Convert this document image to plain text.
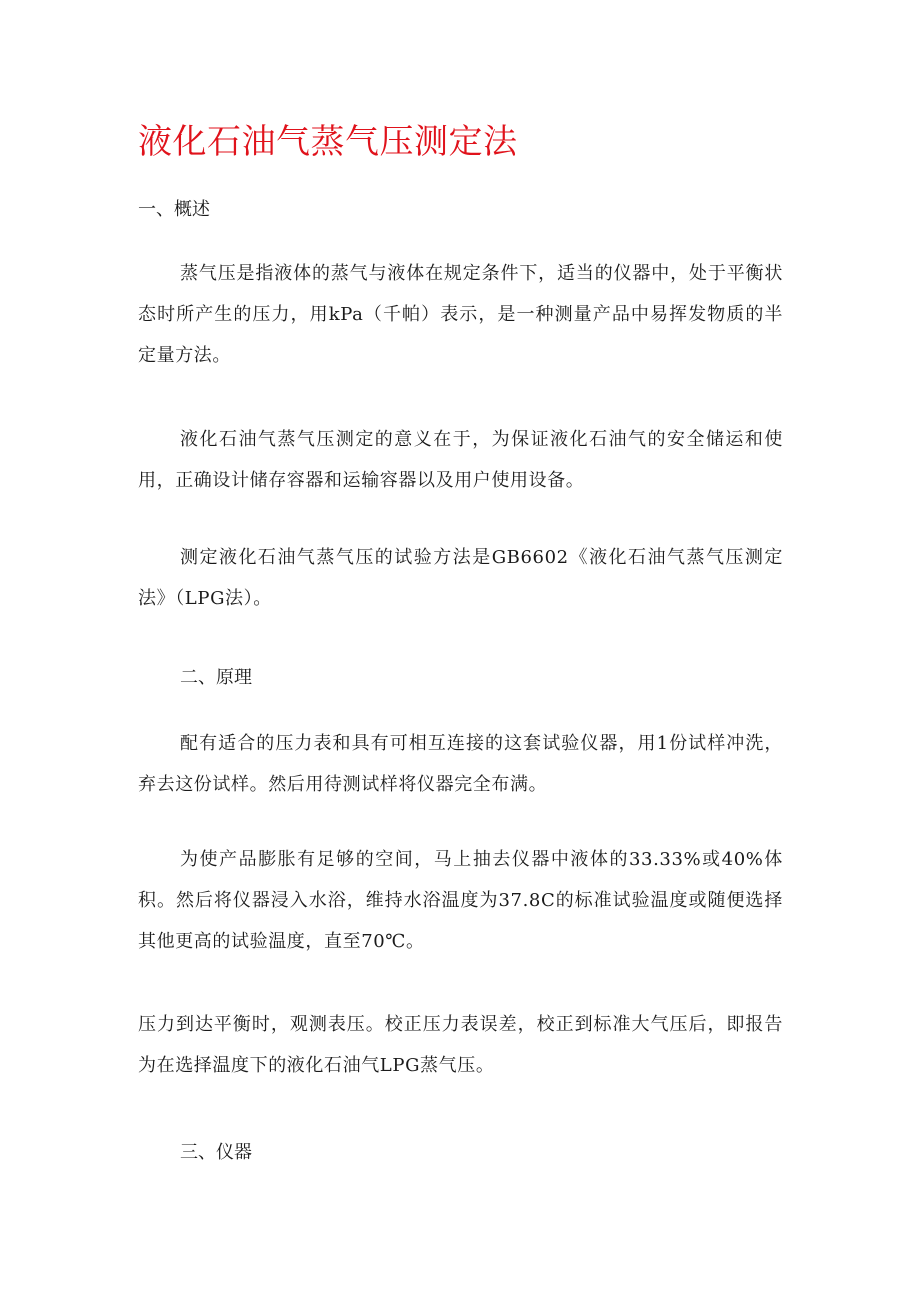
液化石油气蒸气压测定法
一、概述

蒸气压是指液体的蒸气与液体在规定条件下，适当的仪器中，处于平衡状态时所产生的压力，用kPa（千帕）表示，是一种测量产品中易挥发物质的半定量方法。

液化石油气蒸气压测定的意义在于，为保证液化石油气的安全储运和使用，正确设计储存容器和运输容器以及用户使用设备。

测定液化石油气蒸气压的试验方法是GB6602《液化石油气蒸气压测定法》（LPG法）。

二、原理

配有适合的压力表和具有可相互连接的这套试验仪器，用1份试样冲洗，弃去这份试样。然后用待测试样将仪器完全布满。

为使产品膨胀有足够的空间，马上抽去仪器中液体的33.33%或40%体积。然后将仪器浸入水浴，维持水浴温度为37.8C的标准试验温度或随便选择其他更高的试验温度，直至70℃。

压力到达平衡时，观测表压。校正压力表误差，校正到标准大气压后，即报告为在选择温度下的液化石油气LPG蒸气压。

三、仪器
